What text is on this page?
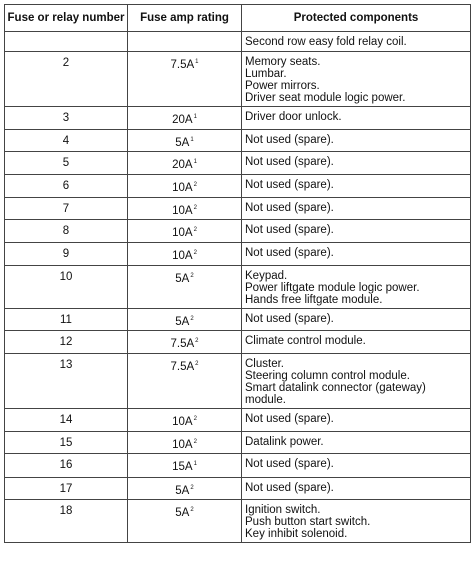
Fuse or relay number	Fuse amp rating	Protected components

		Second row easy fold relay coil.

2	$7.5A^1$	Memory seats.
Lumbar.
Power mirrors.
Driver seat module logic power.

3	$20A^1$	Driver door unlock.

4	$5A^1$	Not used (spare).

5	$20A^1$	Not used (spare).

6	$10A^2$	Not used (spare).

7	$10A^2$	Not used (spare).

8	$10A^2$	Not used (spare).

9	$10A^2$	Not used (spare).

10	$5A^2$	Keypad.
Power liftgate module logic power.
Hands free liftgate module.

11	$5A^2$	Not used (spare).

12	$7.5A^2$	Climate control module.

13	$7.5A^2$	Cluster.
Steering column control module.
Smart datalink connector (gateway)
module.

14	$10A^2$	Not used (spare).

15	$10A^2$	Datalink power.

16	$15A^1$	Not used (spare).

17	$5A^2$	Not used (spare).

18	$5A^2$	Ignition switch.
Push button start switch.
Key inhibit solenoid.
